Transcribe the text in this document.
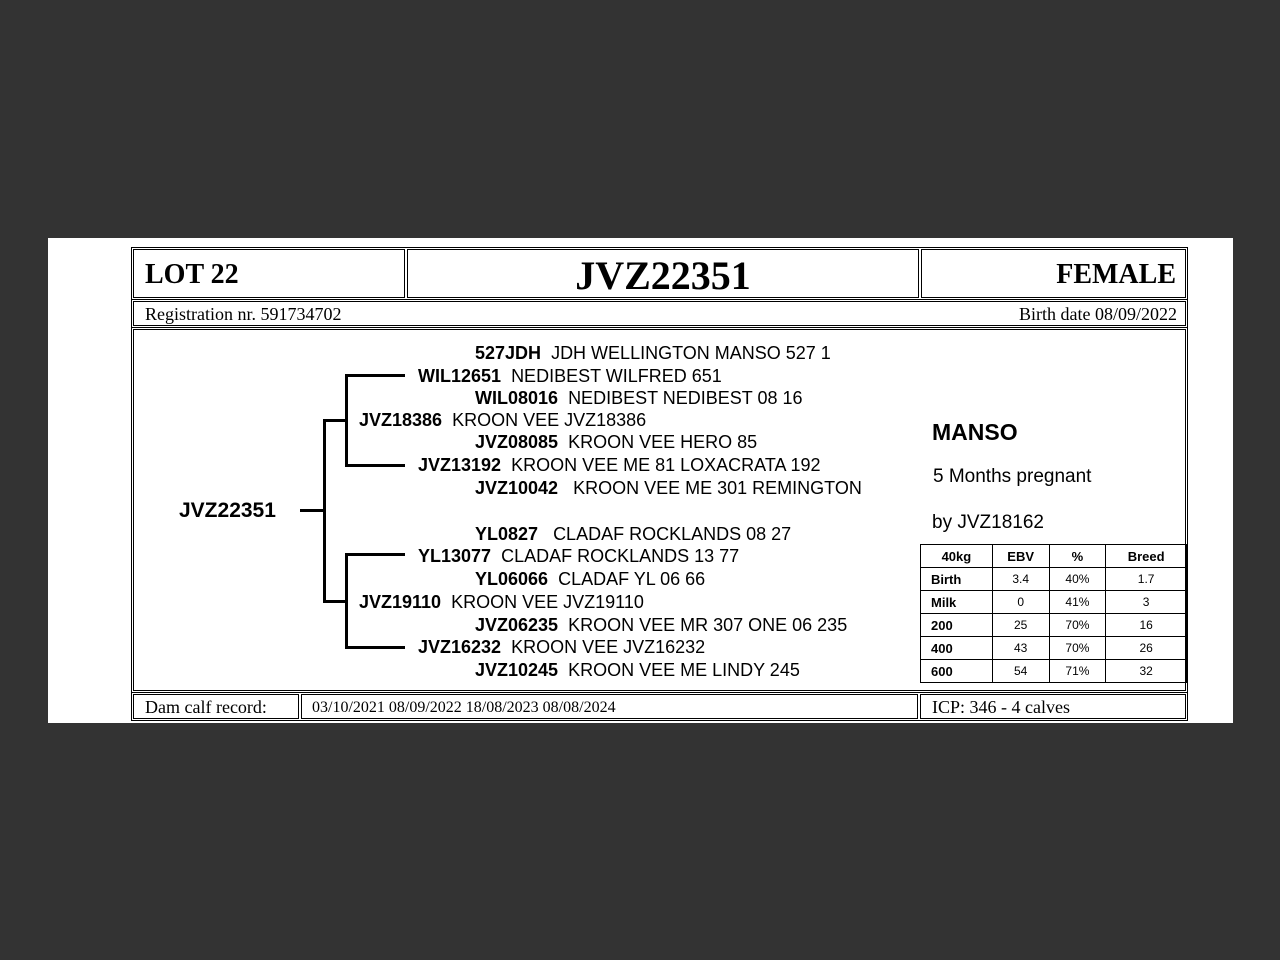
LOT 22	JVZ22351	FEMALE
Registration nr. 591734702	Birth date 08/09/2022
JVZ22351
527JDH JDH WELLINGTON MANSO 527 1
WIL12651 NEDIBEST WILFRED 651
WIL08016 NEDIBEST NEDIBEST 08 16
JVZ18386 KROON VEE JVZ18386
JVZ08085 KROON VEE HERO 85
JVZ13192 KROON VEE ME 81 LOXACRATA 192
JVZ10042 KROON VEE ME 301 REMINGTON
YL0827 CLADAF ROCKLANDS 08 27
YL13077 CLADAF ROCKLANDS 13 77
YL06066 CLADAF YL 06 66
JVZ19110 KROON VEE JVZ19110
JVZ06235 KROON VEE MR 307 ONE 06 235
JVZ16232 KROON VEE JVZ16232
JVZ10245 KROON VEE ME LINDY 245
MANSO
5 Months pregnant
by JVZ18162
40kg	EBV	%	Breed
Birth	3.4	40%	1.7
Milk	0	41%	3
200	25	70%	16
400	43	70%	26
600	54	71%	32
Dam calf record:	03/10/2021 08/09/2022 18/08/2023 08/08/2024	ICP: 346 - 4 calves
